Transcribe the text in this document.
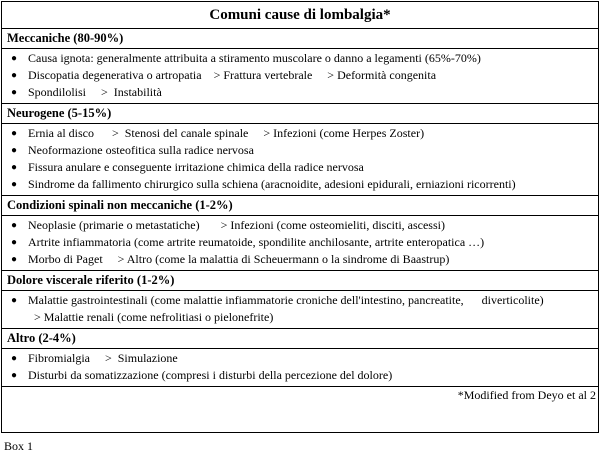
Comuni cause di lombalgia*
Meccaniche (80-90%)
● Causa ignota: generalmente attribuita a stiramento muscolare o danno a legamenti (65%-70%)
● Discopatia degenerativa o artropatia    > Frattura vertebrale     > Deformità congenita
● Spondilolisi     >  Instabilità
Neurogene (5-15%)
● Ernia al disco      >  Stenosi del canale spinale     > Infezioni (come Herpes Zoster)
● Neoformazione osteofitica sulla radice nervosa
● Fissura anulare e conseguente irritazione chimica della radice nervosa
● Sindrome da fallimento chirurgico sulla schiena (aracnoidite, adesioni epidurali, erniazioni ricorrenti)
Condizioni spinali non meccaniche (1-2%)
● Neoplasie (primarie o metastatiche)       > Infezioni (come osteomieliti, disciti, ascessi)
● Artrite infiammatoria (come artrite reumatoide, spondilite anchilosante, artrite enteropatica …)
● Morbo di Paget     > Altro (come la malattia di Scheuermann o la sindrome di Baastrup)
Dolore viscerale riferito (1-2%)
● Malattie gastrointestinali (come malattie infiammatorie croniche dell'intestino, pancreatite,      diverticolite)
> Malattie renali (come nefrolitiasi o pielonefrite)
Altro (2-4%)
● Fibromialgia     >  Simulazione
● Disturbi da somatizzazione (compresi i disturbi della percezione del dolore)
*Modified from Deyo et al 2
Box 1
